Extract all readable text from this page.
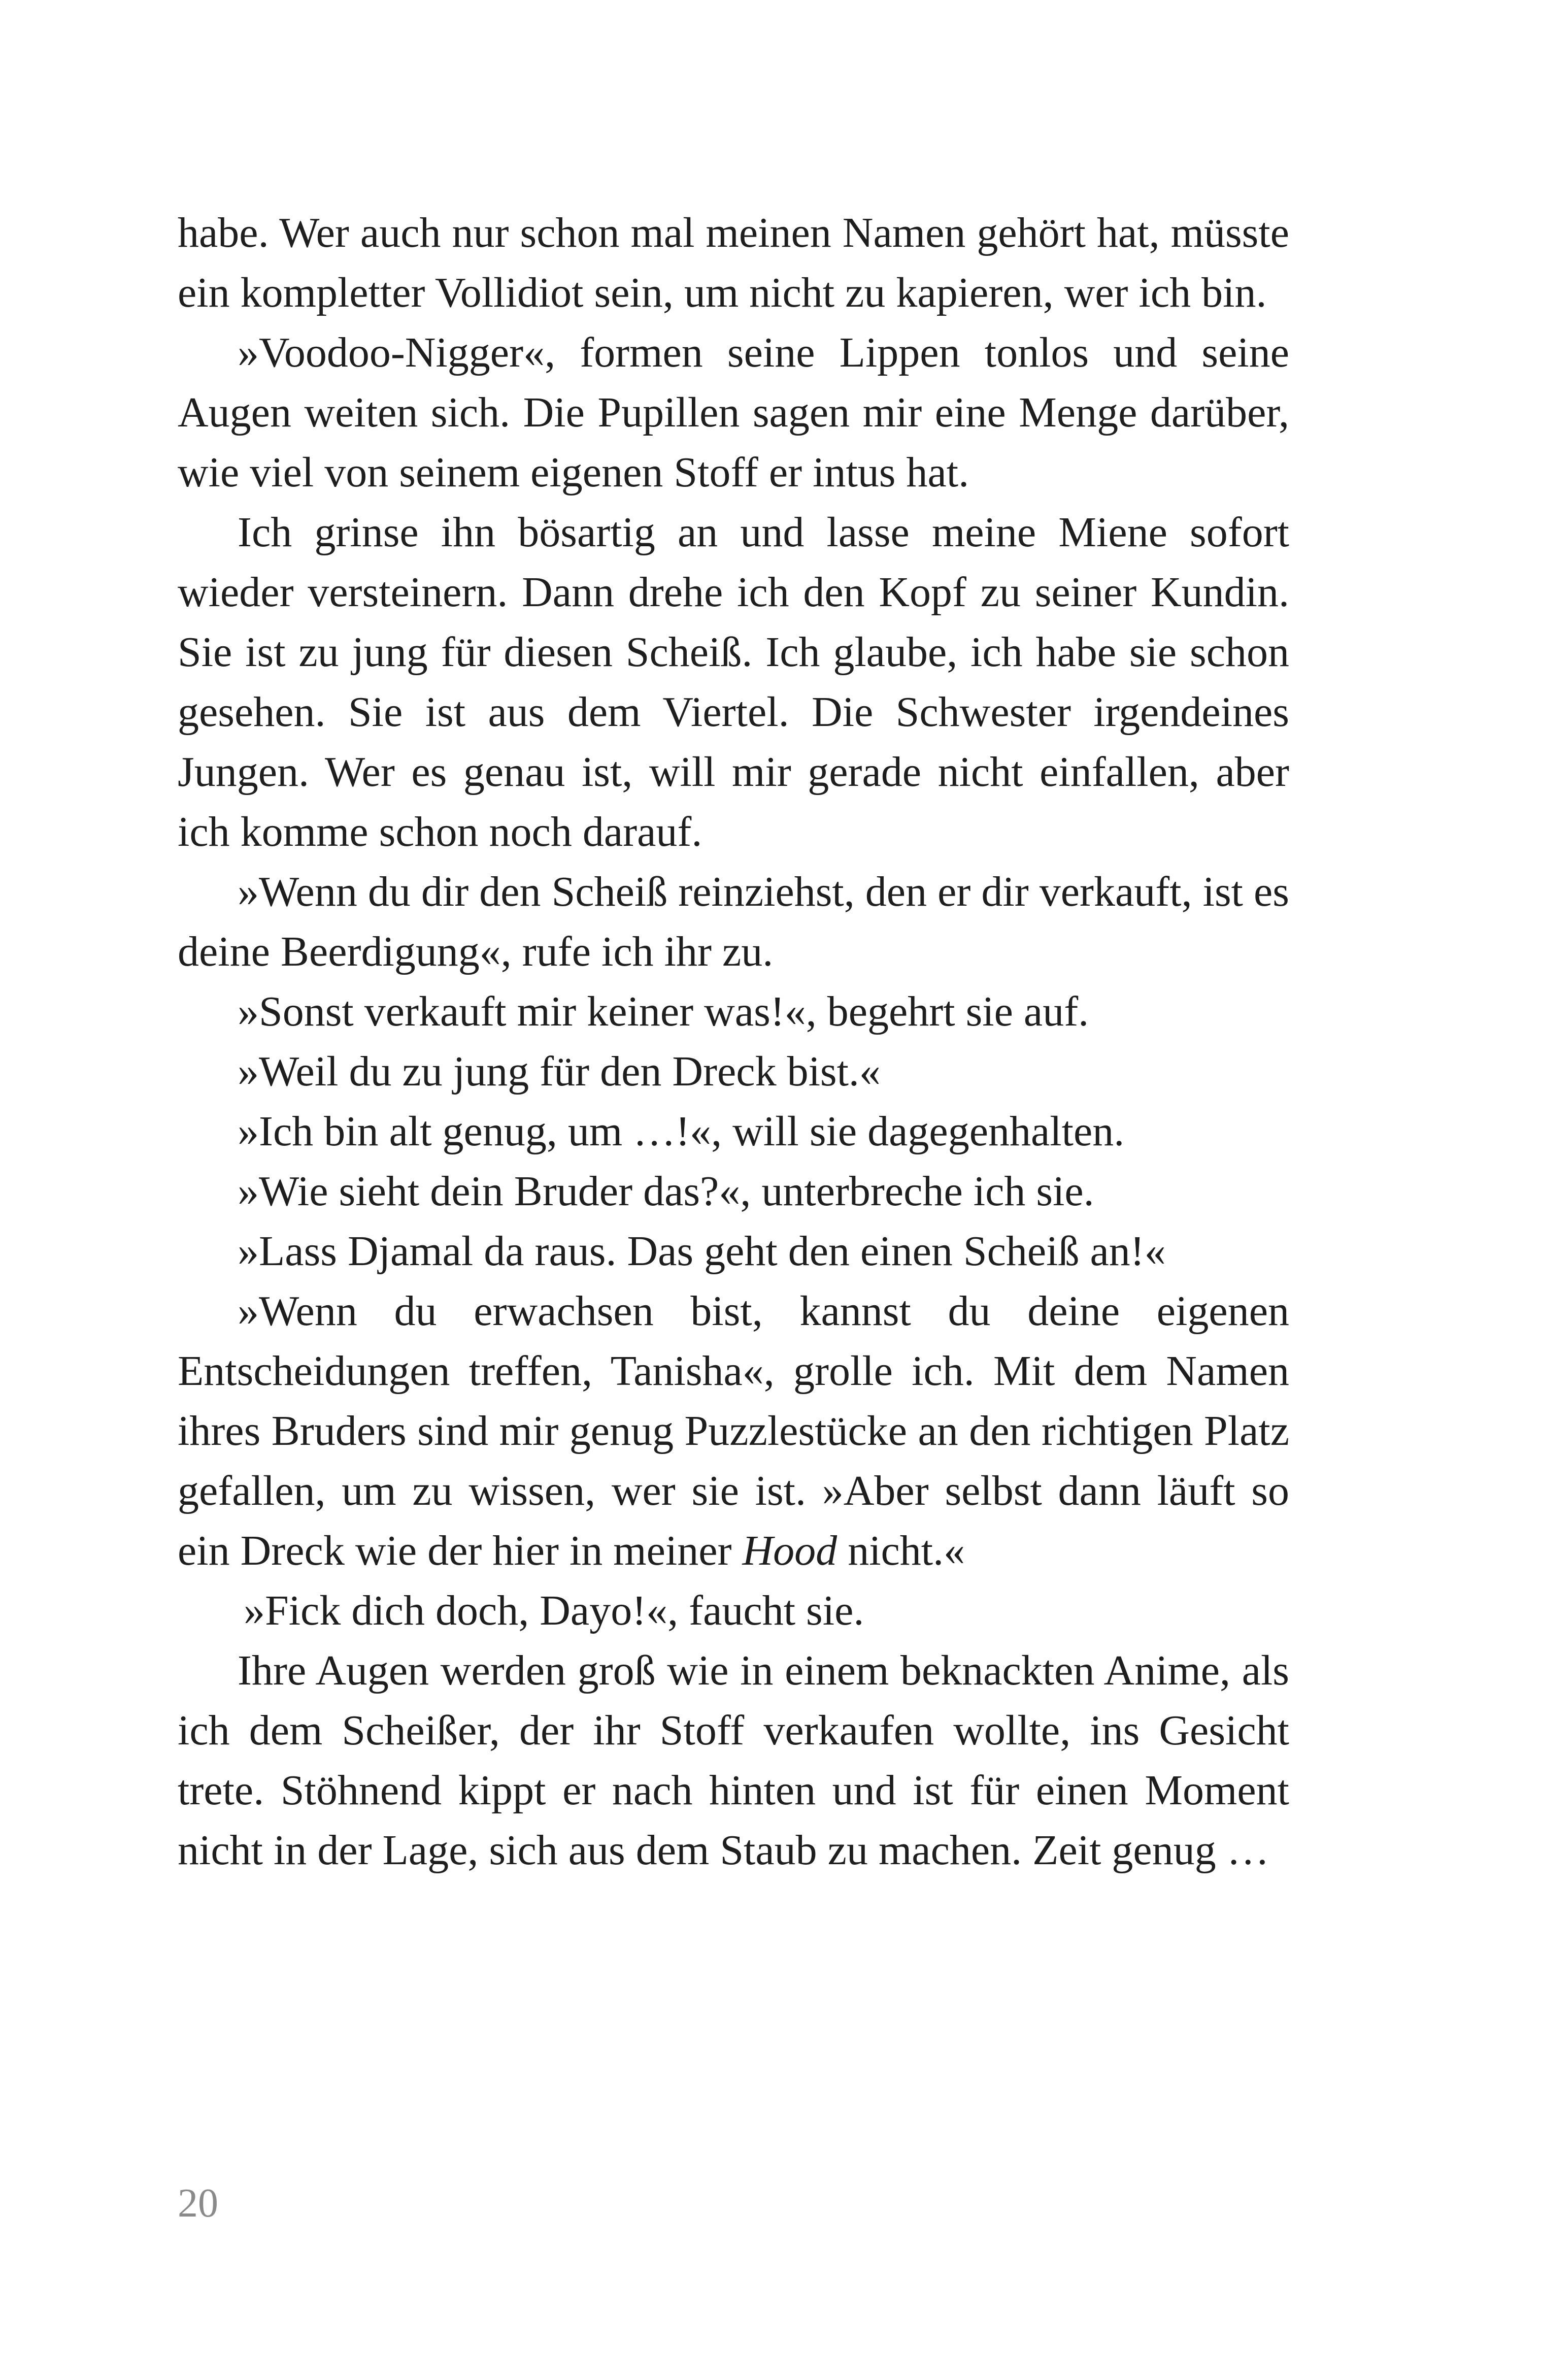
habe. Wer auch nur schon mal meinen Namen gehört hat, müsste ein kompletter Vollidiot sein, um nicht zu kapieren, wer ich bin.

»Voodoo-Nigger«, formen seine Lippen tonlos und seine Augen weiten sich. Die Pupillen sagen mir eine Menge darüber, wie viel von seinem eigenen Stoff er intus hat.

Ich grinse ihn bösartig an und lasse meine Miene sofort wieder versteinern. Dann drehe ich den Kopf zu seiner Kundin. Sie ist zu jung für diesen Scheiß. Ich glaube, ich habe sie schon gesehen. Sie ist aus dem Viertel. Die Schwester irgendeines Jungen. Wer es genau ist, will mir gerade nicht einfallen, aber ich komme schon noch darauf.

»Wenn du dir den Scheiß reinziehst, den er dir verkauft, ist es deine Beerdigung«, rufe ich ihr zu.

»Sonst verkauft mir keiner was!«, begehrt sie auf.

»Weil du zu jung für den Dreck bist.«

»Ich bin alt genug, um …!«, will sie dagegenhalten.

»Wie sieht dein Bruder das?«, unterbreche ich sie.

»Lass Djamal da raus. Das geht den einen Scheiß an!«

»Wenn du erwachsen bist, kannst du deine eigenen Entscheidungen treffen, Tanisha«, grolle ich. Mit dem Namen ihres Bruders sind mir genug Puzzlestücke an den richtigen Platz gefallen, um zu wissen, wer sie ist. »Aber selbst dann läuft so ein Dreck wie der hier in meiner Hood nicht.«

»Fick dich doch, Dayo!«, faucht sie.

Ihre Augen werden groß wie in einem beknackten Anime, als ich dem Scheißer, der ihr Stoff verkaufen wollte, ins Gesicht trete. Stöhnend kippt er nach hinten und ist für einen Moment nicht in der Lage, sich aus dem Staub zu machen. Zeit genug …

20
